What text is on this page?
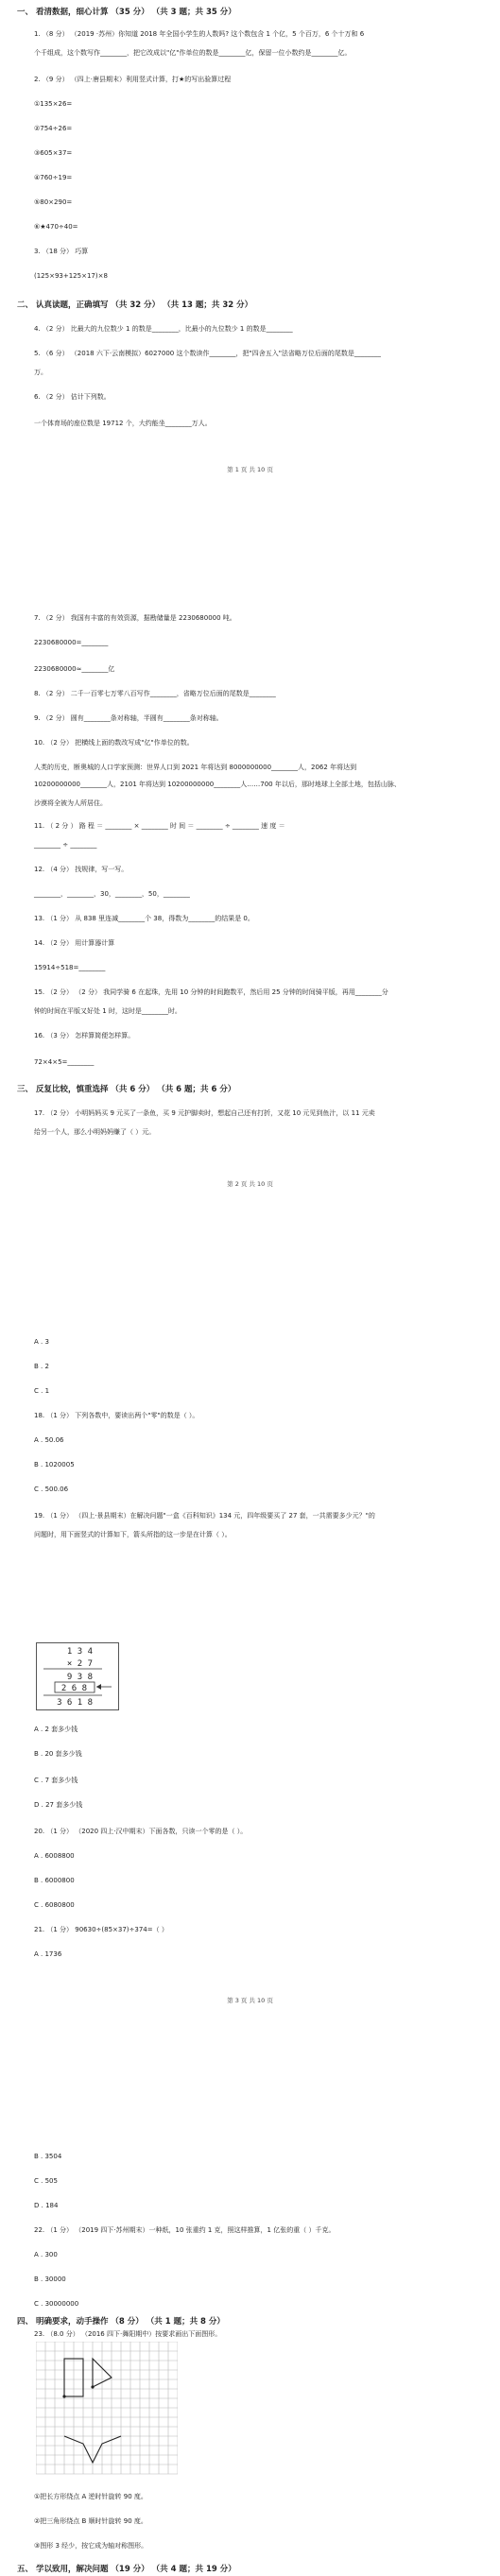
一、 看清数据，细心计算 （35 分） （共 3 题；共 35 分）
1. （8 分） （2019 ·苏州）你知道 2018 年全国小学生的人数吗? 这个数包含 1 个亿，5 个百万，6 个十万和 6
个千组成，这个数写作________，把它改成以"亿"作单位的数是________亿，保留一位小数约是________亿。
2. （9 分） （四上·唐县期末）利用竖式计算，打★的写出验算过程
①135×26=
②754÷26=
③605×37=
④760÷19=
⑤80×290=
⑥★470÷40=
3. （18 分） 巧算
(125×93+125×17)×8
二、 认真读题，正确填写 （共 32 分） （共 13 题；共 32 分）
4. （2 分） 比最大的九位数少 1 的数是________，比最小的九位数少 1 的数是________
5. （6 分） （2018 六下·云南模拟）6027000 这个数读作________，把"四舍五入"法省略万位后面的尾数是________
万。
6. （2 分） 估计下列数。
一个体育场的座位数是 19712 个，大约能坐________万人。
第 1 页 共 10 页
7. （2 分） 我国有丰富的有效资源，据勘储量是 2230680000 吨。
2230680000=________
2230680000≈________亿
8. （2 分） 二千一百零七万零八百写作________，省略万位后面的尾数是________
9. （2 分） 圆有________条对称轴，半圆有________条对称轴。
10. （2 分） 把横线上面的数改写成"亿"作单位的数。
人类的历史，断奥城的人口学家预测：世界人口到 2021 年将达到 8000000000________人，2062 年将达到
10200000000________人，2101 年将达到 10200000000________人……700 年以后，那时地球上全部土地，包括山脉、
沙漠将全被为人所居住。
11. （ 2 分 ） 路 程 ＝ ________ × ________ 时 间 ＝ ________ ÷ ________ 速 度 ＝
________ ÷ ________
12. （4 分） 找规律，写一写。
________，________，30，________，50，________
13. （1 分） 从 838 里连减________个 38，得数为________的结果是 0。
14. （2 分） 用计算器计算
15914÷518=________
15. （2 分） （2 分） 我同学骑 6 在起珠，先用 10 分钟的时间跑数平，然后用 25 分钟的时间骑平版，再用________分
钟的时间在平版又好处 1 时，这时是________时。
16. （3 分） 怎样算简便怎样算。
72×4×5=________
三、 反复比较，慎重选择 （共 6 分） （共 6 题；共 6 分）
17. （2 分） 小明妈妈买 9 元买了一条鱼，买 9 元护脚卖时，想起自己还有打折，又花 10 元见到鱼汁，以 11 元卖
给另一个人，那么小明妈妈赚了（ ）元。
第 2 页 共 10 页
A . 3
B . 2
C . 1
18. （1 分） 下列各数中，要读出两个"零"的数是（ ）。
A . 50.06
B . 1020005
C . 500.06
19. （1 分） （四上·景县期末）在解决问题"一盒《百科知识》134 元，四年级要买了 27 套，一共需要多少元？"的
问题时，用下面竖式的计算如下，箭头所指的这一步是在计算（ ）。
1 3 4
× 2 7
9 3 8
2 6 8
3 6 1 8
A . 2 套多少钱
B . 20 套多少钱
C . 7 套多少钱
D . 27 套多少钱
20. （1 分） （2020 四上·汉中期末）下面各数，只读一个零的是（ ）。
A . 6008800
B . 6000800
C . 6080800
21. （1 分） 90630÷(85×37)÷374=（ ）
A . 1736
第 3 页 共 10 页
B . 3504
C . 505
D . 184
22. （1 分） （2019 四下·苏州期末）一种纸，10 张重约 1 克，照这样推算，1 亿张的重（ ）千克。
A . 300
B . 30000
C . 30000000
四、 明确要求，动手操作 （8 分） （共 1 题；共 8 分）
23. （8.0 分） （2016 四下·舞阳期中）按要求画出下面图形。
①把长方形绕点 A 逆时针旋转 90 度。
②把三角形绕点 B 顺时针旋转 90 度。
③图形 3 经少，按它成为轴对称图形。
五、 学以致用，解决问题 （19 分） （共 4 题；共 19 分）
